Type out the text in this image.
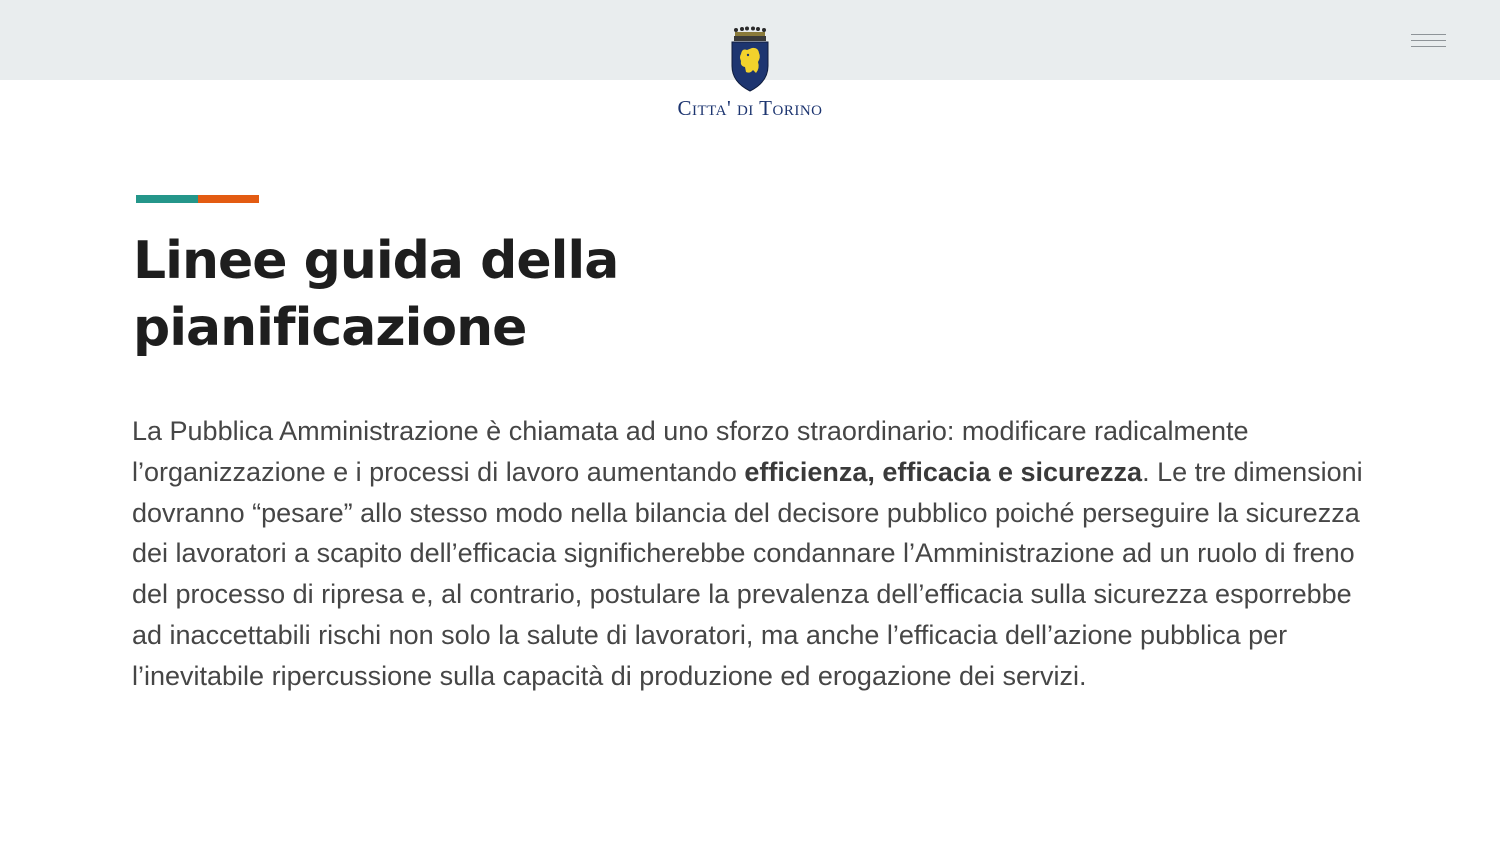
Citta' di Torino
Linee guida della
pianificazione

La Pubblica Amministrazione è chiamata ad uno sforzo straordinario: modificare radicalmente l’organizzazione e i processi di lavoro aumentando efficienza, efficacia e sicurezza. Le tre dimensioni dovranno “pesare” allo stesso modo nella bilancia del decisore pubblico poiché perseguire la sicurezza dei lavoratori a scapito dell’efficacia significherebbe condannare l’Amministrazione ad un ruolo di freno del processo di ripresa e, al contrario, postulare la prevalenza dell’efficacia sulla sicurezza esporrebbe ad inaccettabili rischi non solo la salute di lavoratori, ma anche l’efficacia dell’azione pubblica per l’inevitabile ripercussione sulla capacità di produzione ed erogazione dei servizi.
